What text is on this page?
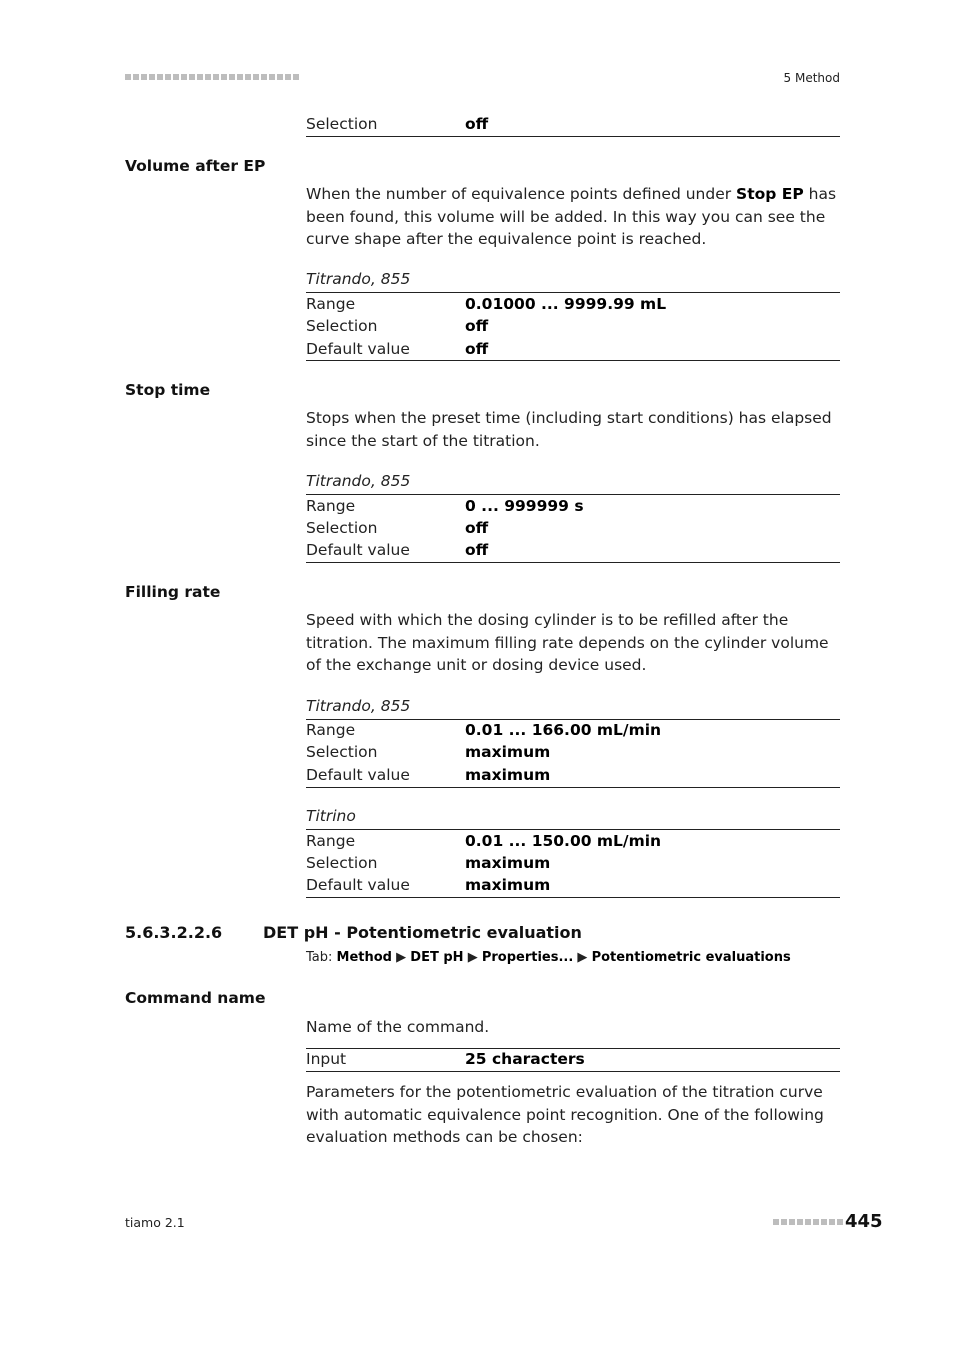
5 Method
Selection	off
Volume after EP
When the number of equivalence points defined under Stop EP has been found, this volume will be added. In this way you can see the curve shape after the equivalence point is reached.
Titrando, 855
Range	0.01000 ... 9999.99 mL
Selection	off
Default value	off
Stop time
Stops when the preset time (including start conditions) has elapsed since the start of the titration.
Titrando, 855
Range	0 ... 999999 s
Selection	off
Default value	off
Filling rate
Speed with which the dosing cylinder is to be refilled after the titration. The maximum filling rate depends on the cylinder volume of the exchange unit or dosing device used.
Titrando, 855
Range	0.01 ... 166.00 mL/min
Selection	maximum
Default value	maximum
Titrino
Range	0.01 ... 150.00 mL/min
Selection	maximum
Default value	maximum
5.6.3.2.2.6	DET pH - Potentiometric evaluation
Tab: Method ▶ DET pH ▶ Properties... ▶ Potentiometric evaluations
Command name
Name of the command.
Input	25 characters
Parameters for the potentiometric evaluation of the titration curve with automatic equivalence point recognition. One of the following evaluation methods can be chosen:
tiamo 2.1	445
